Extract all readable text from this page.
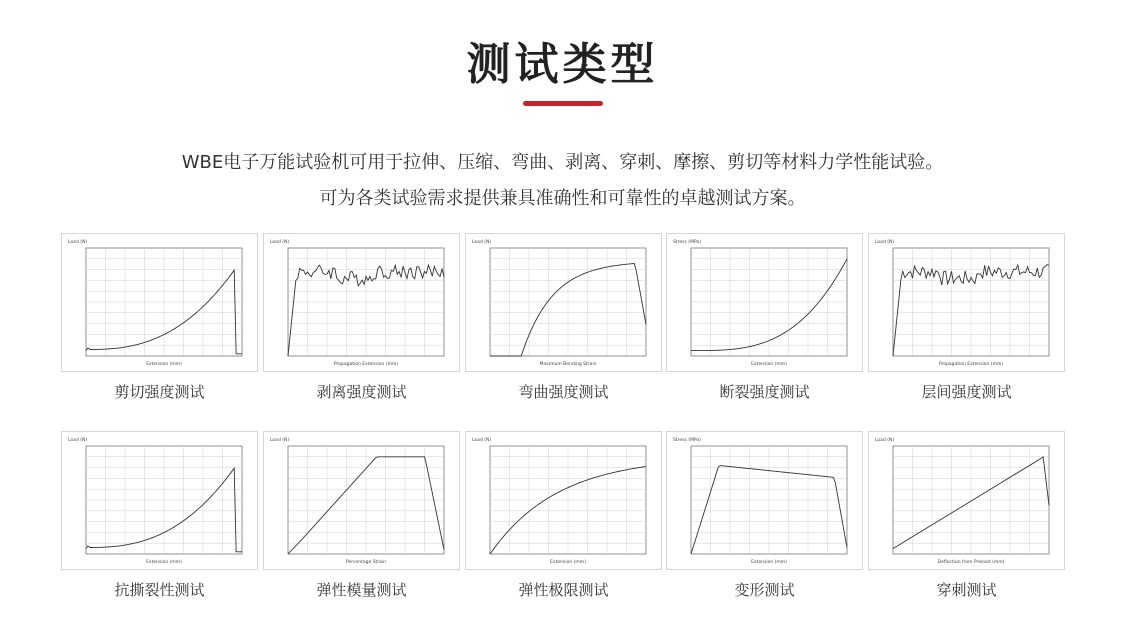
测试类型
WBE电子万能试验机可用于拉伸、压缩、弯曲、剥离、穿刺、摩擦、剪切等材料力学性能试验。
可为各类试验需求提供兼具准确性和可靠性的卓越测试方案。
Load (N)
Extension (mm)
剪切强度测试
Load (N)
Propagation Extension (mm)
剥离强度测试
Load (N)
Maximum Bending Strain
弯曲强度测试
Stress (MPa)
Extension (mm)
断裂强度测试
Load (N)
Propagation Extension (mm)
层间强度测试
Load (N)
Extension (mm)
抗撕裂性测试
Load (N)
Percentage Strain
弹性模量测试
Load (N)
Extension (mm)
弹性极限测试
Stress (MPa)
Extension (mm)
变形测试
Load (N)
Deflection from Preload (mm)
穿刺测试
